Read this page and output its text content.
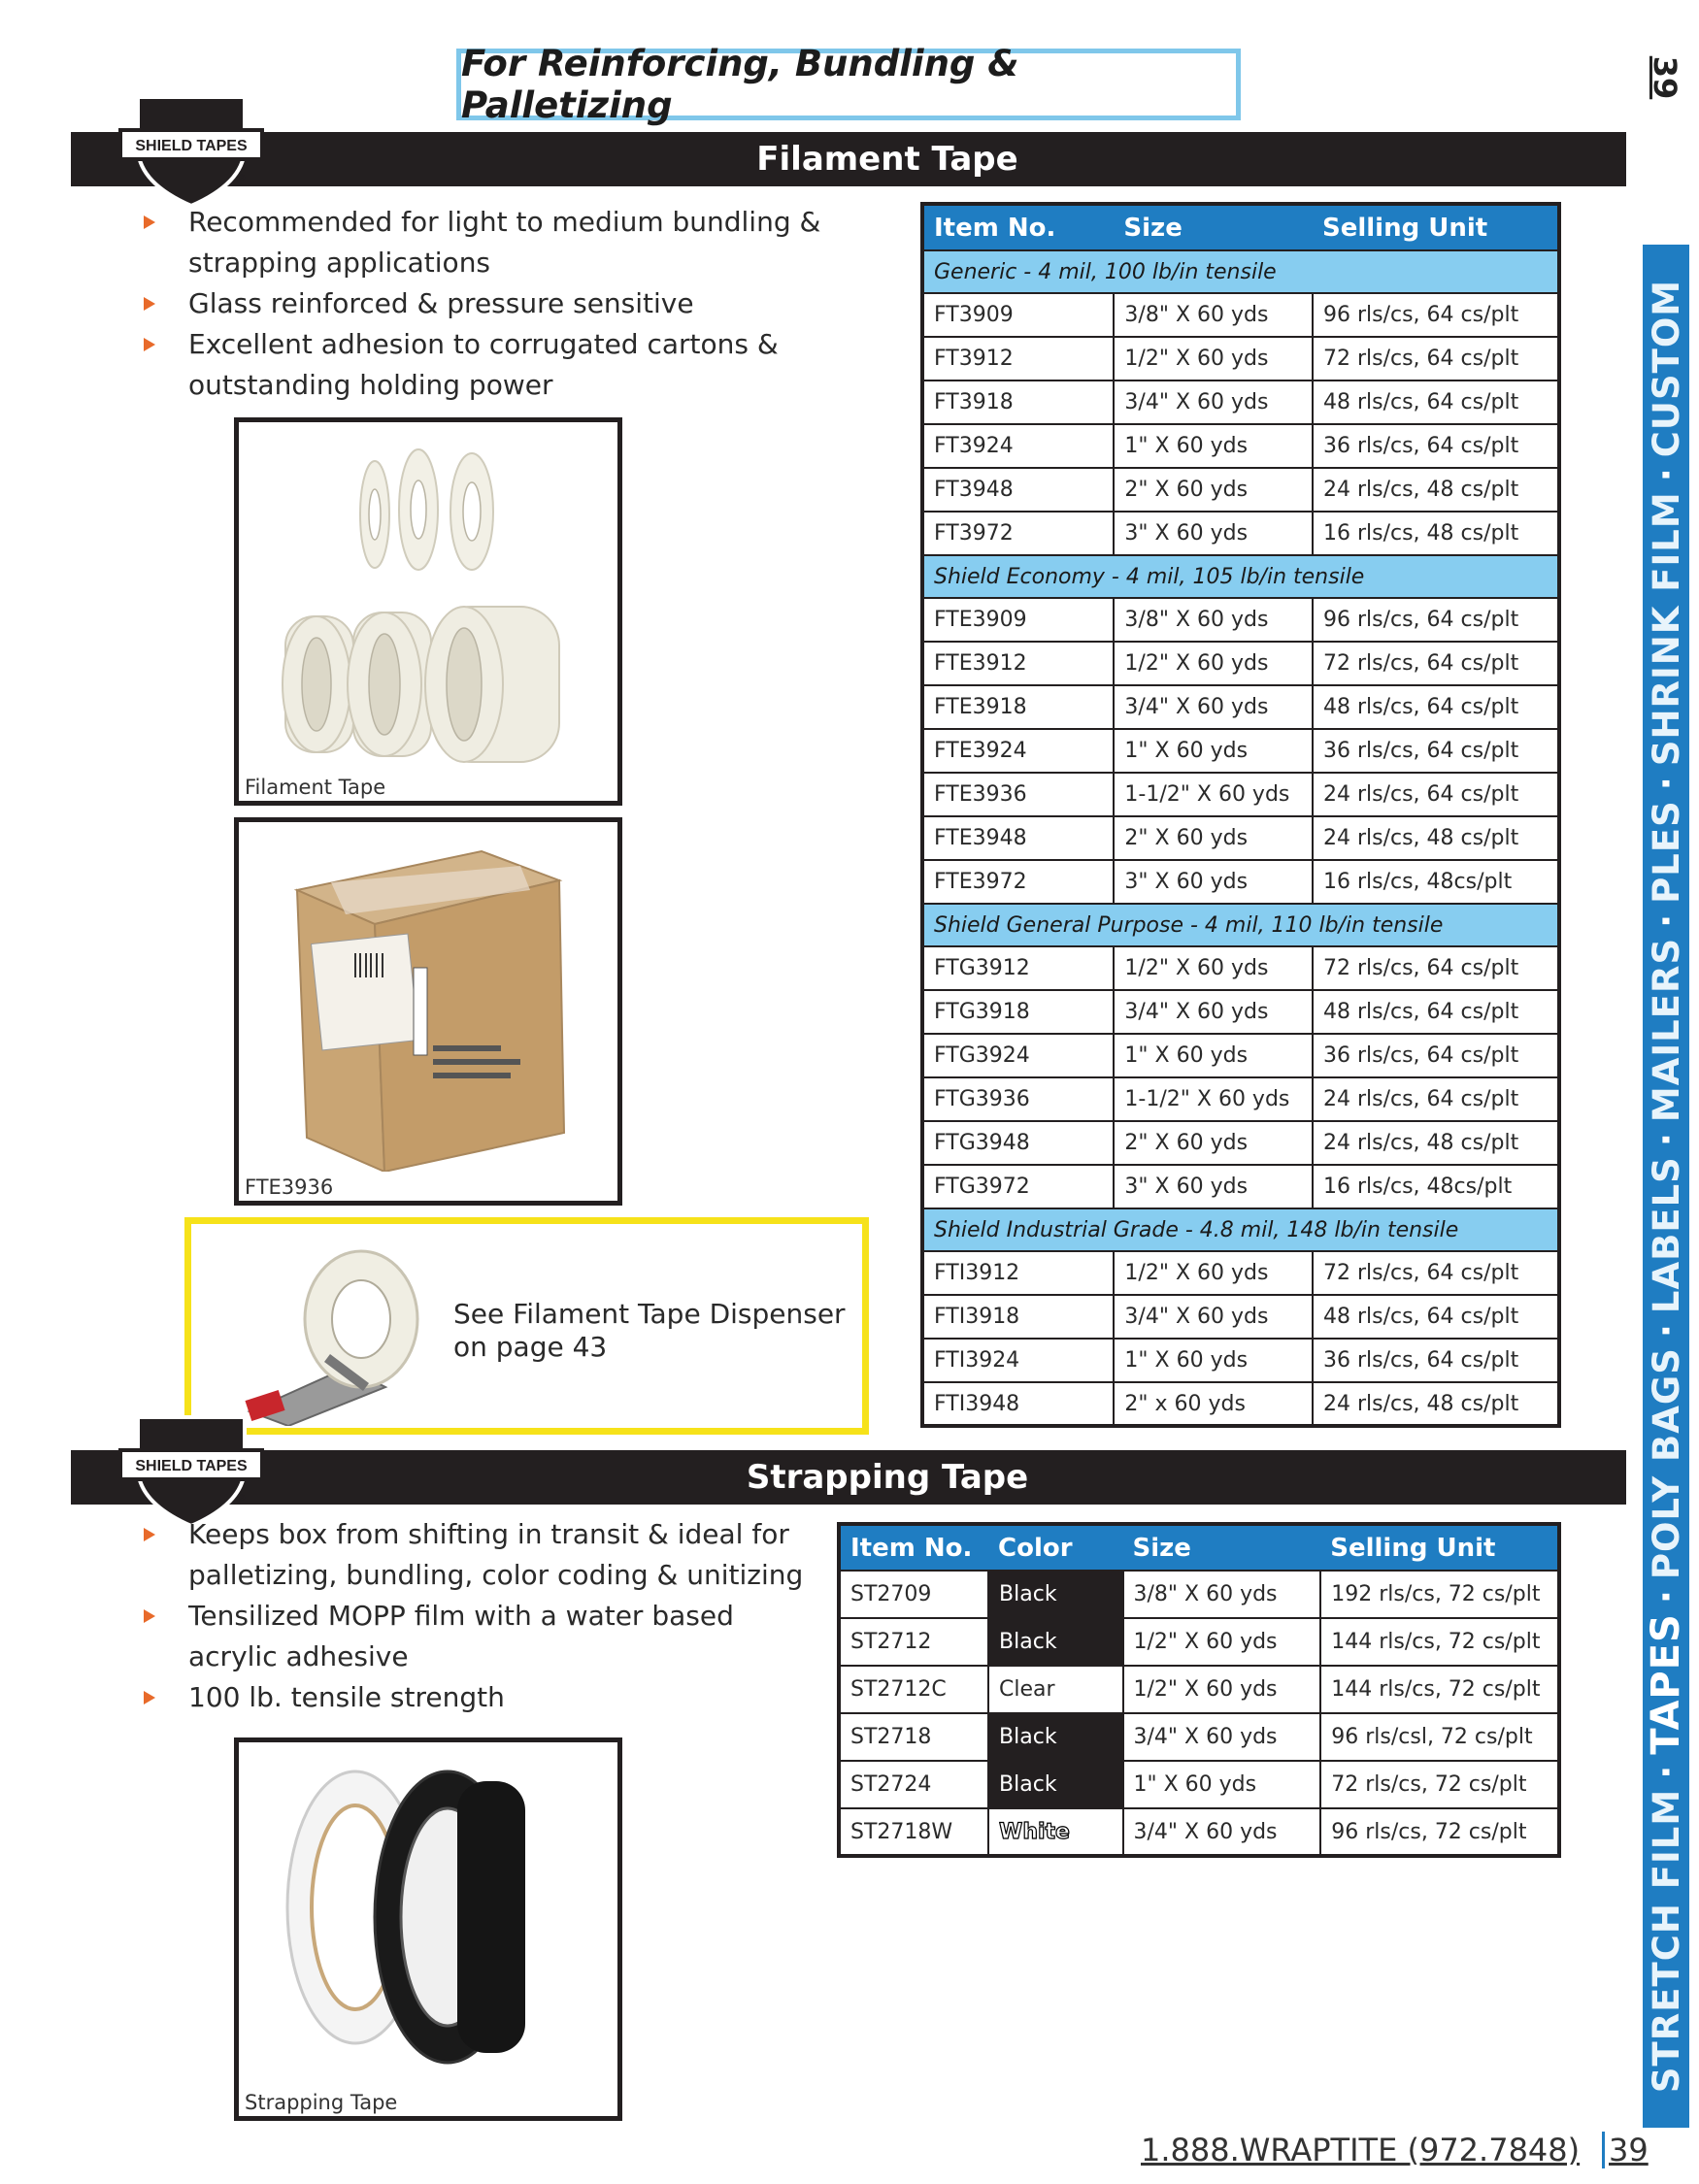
For Reinforcing, Bundling & Palletizing
39
Filament Tape
SHIELD TAPES
®
Recommended for light to medium bundling & strapping applications
Glass reinforced & pressure sensitive
Excellent adhesion to corrugated cartons & outstanding holding power
Filament Tape
FTE3936
See Filament Tape Dispenser
on page 43
Item No.	Size	Selling Unit
Generic - 4 mil, 100 lb/in tensile		
FT3909	3/8" X 60 yds	96 rls/cs, 64 cs/plt
FT3912	1/2" X 60 yds	72 rls/cs, 64 cs/plt
FT3918	3/4" X 60 yds	48 rls/cs, 64 cs/plt
FT3924	1" X 60 yds	36 rls/cs, 64 cs/plt
FT3948	2" X 60 yds	24 rls/cs, 48 cs/plt
FT3972	3" X 60 yds	16 rls/cs, 48 cs/plt
Shield Economy - 4 mil, 105 lb/in tensile		
FTE3909	3/8" X 60 yds	96 rls/cs, 64 cs/plt
FTE3912	1/2" X 60 yds	72 rls/cs, 64 cs/plt
FTE3918	3/4" X 60 yds	48 rls/cs, 64 cs/plt
FTE3924	1" X 60 yds	36 rls/cs, 64 cs/plt
FTE3936	1-1/2" X 60 yds	24 rls/cs, 64 cs/plt
FTE3948	2" X 60 yds	24 rls/cs, 48 cs/plt
FTE3972	3" X 60 yds	16 rls/cs, 48cs/plt
Shield General Purpose - 4 mil, 110 lb/in tensile		
FTG3912	1/2" X 60 yds	72 rls/cs, 64 cs/plt
FTG3918	3/4" X 60 yds	48 rls/cs, 64 cs/plt
FTG3924	1" X 60 yds	36 rls/cs, 64 cs/plt
FTG3936	1-1/2" X 60 yds	24 rls/cs, 64 cs/plt
FTG3948	2" X 60 yds	24 rls/cs, 48 cs/plt
FTG3972	3" X 60 yds	16 rls/cs, 48cs/plt
Shield Industrial Grade - 4.8 mil, 148 lb/in tensile		
FTI3912	1/2" X 60 yds	72 rls/cs, 64 cs/plt
FTI3918	3/4" X 60 yds	48 rls/cs, 64 cs/plt
FTI3924	1" X 60 yds	36 rls/cs, 64 cs/plt
FTI3948	2" x 60 yds	24 rls/cs, 48 cs/plt
Strapping Tape
SHIELD TAPES
®
Keeps box from shifting in transit & ideal for palletizing, bundling, color coding & unitizing
Tensilized MOPP film with a water based acrylic adhesive
100 lb. tensile strength
Strapping Tape
Item No.	Color	Size	Selling Unit
ST2709	Black	3/8" X 60 yds	192 rls/cs, 72 cs/plt
ST2712	Black	1/2" X 60 yds	144 rls/cs, 72 cs/plt
ST2712C	Clear	1/2" X 60 yds	144 rls/cs, 72 cs/plt
ST2718	Black	3/4" X 60 yds	96 rls/csl, 72 cs/plt
ST2724	Black	1" X 60 yds	72 rls/cs, 72 cs/plt
ST2718W	White	3/4" X 60 yds	96 rls/cs, 72 cs/plt	STRETCH FILM
·
TAPES
·
POLY BAGS
·
LABELS
·
MAILERS
·
PLES
·
SHRINK FILM
·
CUSTOM
1.888.WRAPTITE (972.7848) 39
